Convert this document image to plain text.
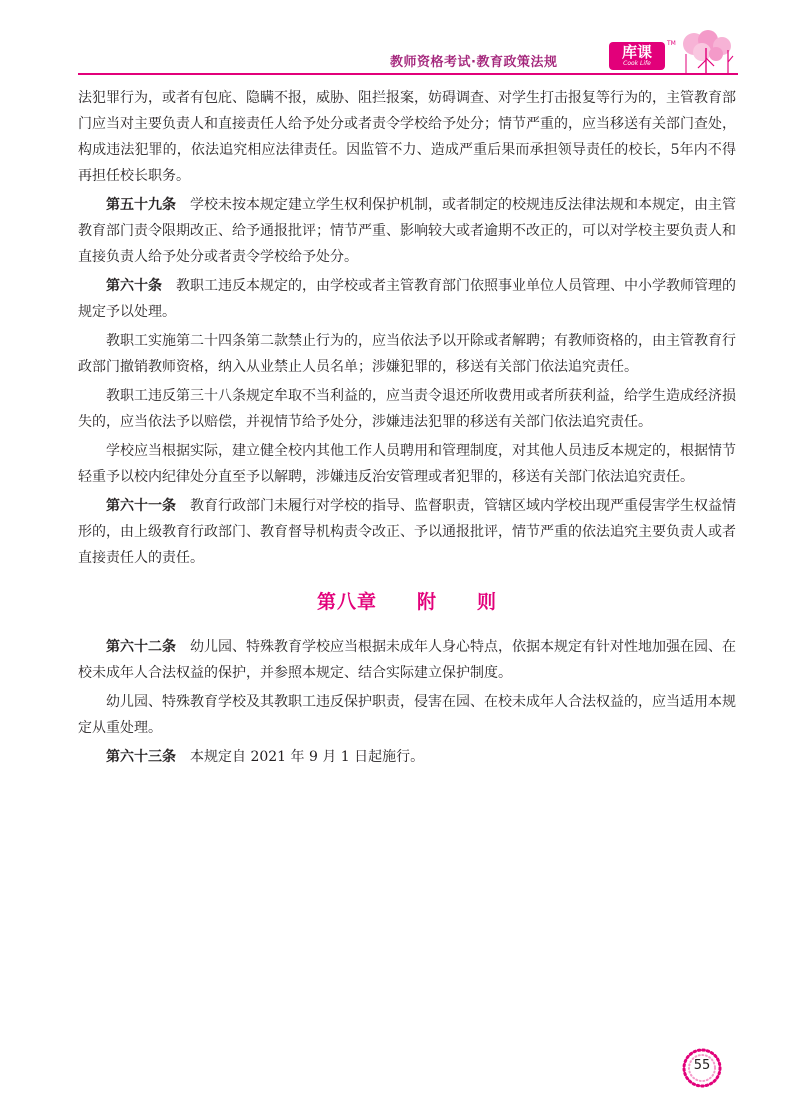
教师资格考试·教育政策法规
库课
Cook Life
TM

法犯罪行为，或者有包庇、隐瞒不报，威胁、阻拦报案，妨碍调查、对学生打击报复等行为的，主管教育部门应当对主要负责人和直接责任人给予处分或者责令学校给予处分；情节严重的，应当移送有关部门查处，构成违法犯罪的，依法追究相应法律责任。因监管不力、造成严重后果而承担领导责任的校长，5年内不得再担任校长职务。

第五十九条 学校未按本规定建立学生权利保护机制，或者制定的校规违反法律法规和本规定，由主管教育部门责令限期改正、给予通报批评；情节严重、影响较大或者逾期不改正的，可以对学校主要负责人和直接负责人给予处分或者责令学校给予处分。

第六十条 教职工违反本规定的，由学校或者主管教育部门依照事业单位人员管理、中小学教师管理的规定予以处理。

教职工实施第二十四条第二款禁止行为的，应当依法予以开除或者解聘；有教师资格的，由主管教育行政部门撤销教师资格，纳入从业禁止人员名单；涉嫌犯罪的，移送有关部门依法追究责任。

教职工违反第三十八条规定牟取不当利益的，应当责令退还所收费用或者所获利益，给学生造成经济损失的，应当依法予以赔偿，并视情节给予处分，涉嫌违法犯罪的移送有关部门依法追究责任。

学校应当根据实际，建立健全校内其他工作人员聘用和管理制度，对其他人员违反本规定的，根据情节轻重予以校内纪律处分直至予以解聘，涉嫌违反治安管理或者犯罪的，移送有关部门依法追究责任。

第六十一条 教育行政部门未履行对学校的指导、监督职责，管辖区域内学校出现严重侵害学生权益情形的，由上级教育行政部门、教育督导机构责令改正、予以通报批评，情节严重的依法追究主要负责人或者直接责任人的责任。

第八章　　附　　则

第六十二条 幼儿园、特殊教育学校应当根据未成年人身心特点，依据本规定有针对性地加强在园、在校未成年人合法权益的保护，并参照本规定、结合实际建立保护制度。

幼儿园、特殊教育学校及其教职工违反保护职责，侵害在园、在校未成年人合法权益的，应当适用本规定从重处理。

第六十三条 本规定自 2021 年 9 月 1 日起施行。

55
